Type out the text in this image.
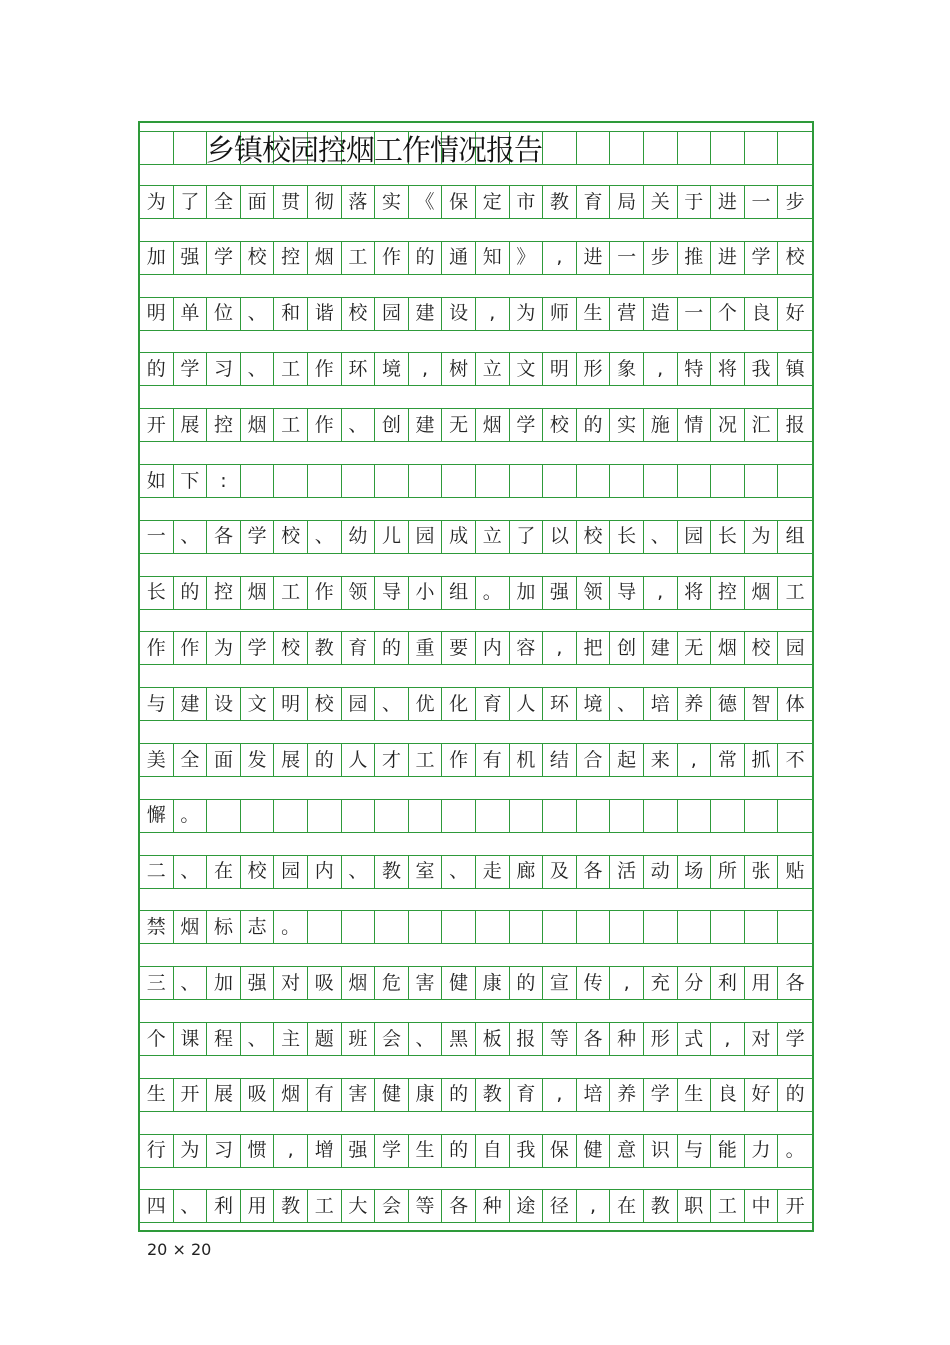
为 了 全 面 贯 彻 落 实 《 保 定 市 教 育 局 关 于 进 一 步
加 强 学 校 控 烟 工 作 的 通 知 》	,	进 一 步 推 进 学 校
明 单 位 、 和 谐 校 园 建 设	,	为 师 生 营 造 一 个 良 好
的 学 习 、 工 作 环 境	,	树 立 文 明 形 象	,	特 将 我 镇
开 展 控 烟 工 作 、 创 建 无 烟 学 校 的 实 施 情 况 汇 报
如 下	:
一 、 各 学 校 、 幼 儿 园 成 立 了 以 校 长 、 园 长 为 组
长 的 控 烟 工 作 领 导 小 组 。 加 强 领 导	,	将 控 烟 工
作 作 为 学 校 教 育 的 重 要 内 容	,	把 创 建 无 烟 校 园
与 建 设 文 明 校 园 、 优 化 育 人 环 境 、 培 养 德 智 体
美 全 面 发 展 的 人 才 工 作 有 机 结 合 起 来	,	常 抓 不
懈 。
二 、 在 校 园 内 、 教 室 、 走 廊 及 各 活 动 场 所 张 贴
禁 烟 标 志 。
三 、 加 强 对 吸 烟 危 害 健 康 的 宣 传	,	充 分 利 用 各
个 课 程 、 主 题 班 会 、 黑 板 报 等 各 种 形 式	,	对 学
生 开 展 吸 烟 有 害 健 康 的 教 育	,	培 养 学 生 良 好 的
行 为 习 惯	,	增 强 学 生 的 自 我 保 健 意 识 与 能 力 。
四 、 利 用 教 工 大 会 等 各 种 途 径	,	在 教 职 工 中 开
乡镇校园控烟工作情况报告
20 × 20
